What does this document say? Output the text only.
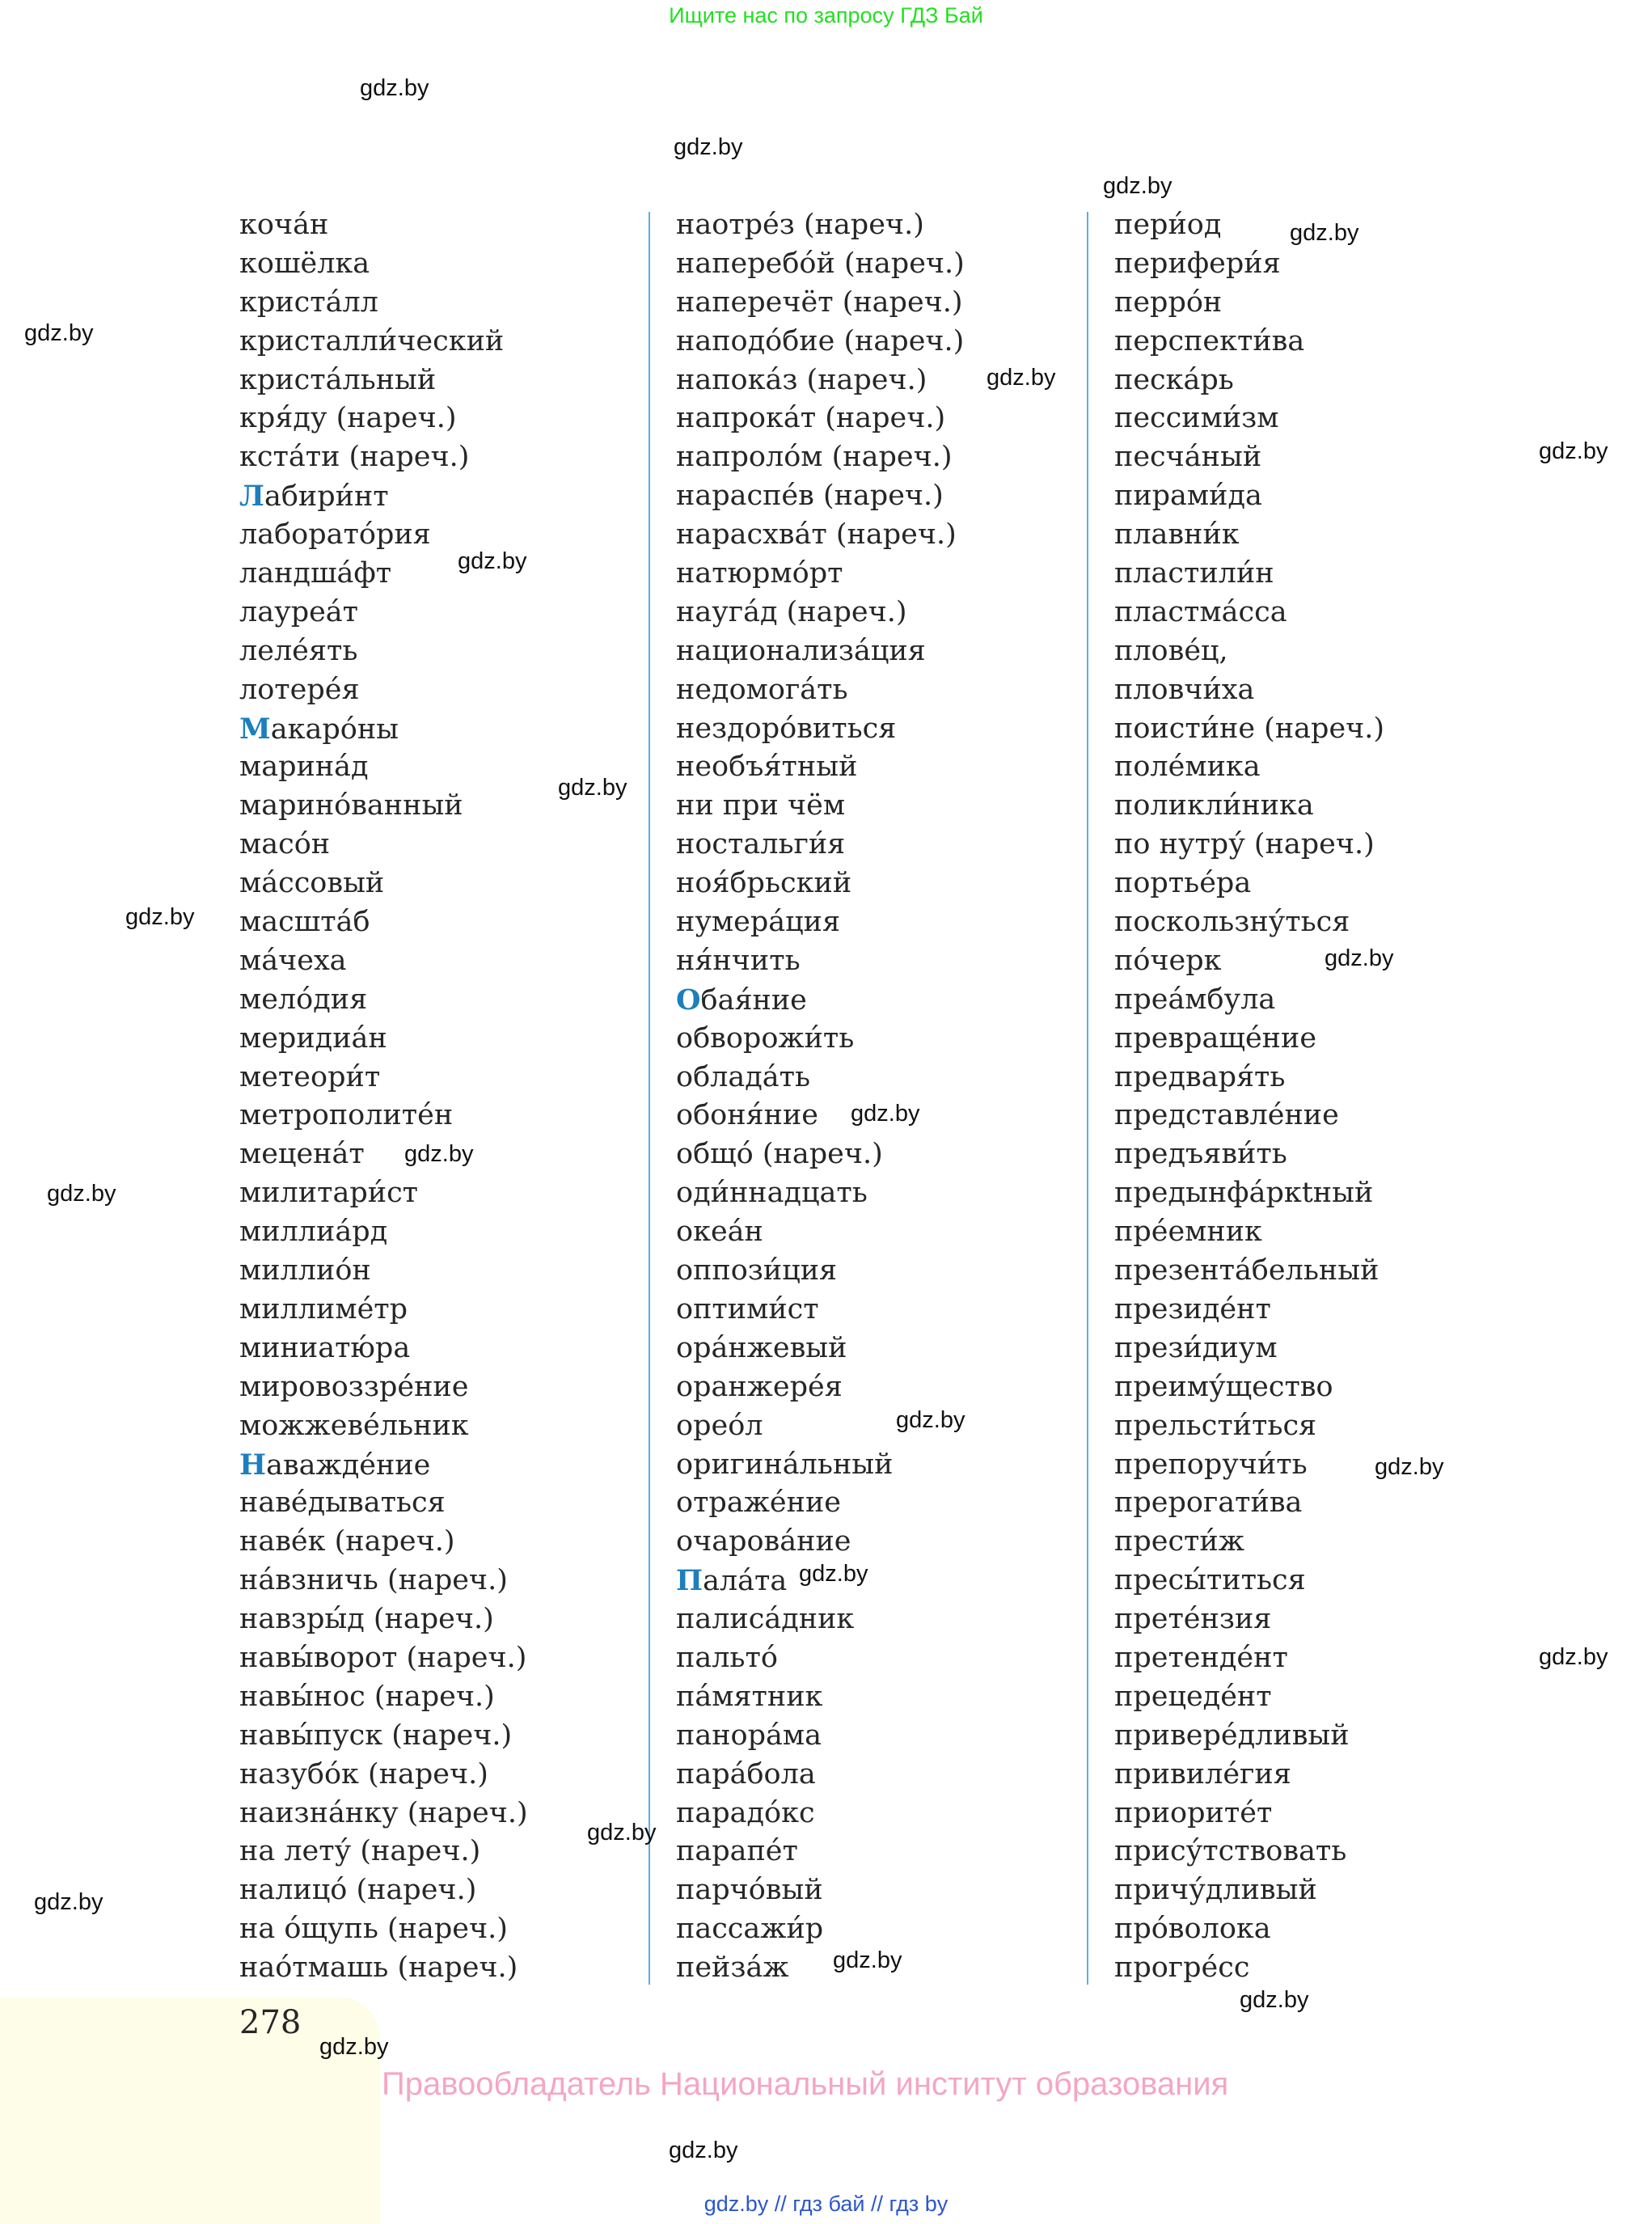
Ищите нас по запросу ГДЗ Бай
коча́н
кошёлка
криста́лл
кристалли́ческий
криста́льный
кря́ду (нареч.)
кста́ти (нареч.)
Лабири́нт
лаборато́рия
ландша́фт
лауреа́т
леле́ять
лотере́я
Макаро́ны
марина́д
марино́ванный
масо́н
ма́ссовый
масшта́б
ма́чеха
мело́дия
меридиа́н
метеори́т
метрополите́н
мецена́т
милитари́ст
миллиа́рд
миллио́н
миллиме́тр
миниатю́ра
мировоззре́ние
можжеве́льник
Наважде́ние
наве́дываться
наве́к (нареч.)
на́взничь (нареч.)
навзры́д (нареч.)
навы́ворот (нареч.)
навы́нос (нареч.)
навы́пуск (нареч.)
назубо́к (нареч.)
наизна́нку (нареч.)
на лету́ (нареч.)
налицо́ (нареч.)
на о́щупь (нареч.)
нао́тмашь (нареч.)
наотре́з (нареч.)
наперебо́й (нареч.)
наперечёт (нареч.)
наподо́бие (нареч.)
напока́з (нареч.)
напрока́т (нареч.)
напроло́м (нареч.)
нараспе́в (нареч.)
нарасхва́т (нареч.)
натюрмо́рт
науга́д (нареч.)
национализа́ция
недомога́ть
нездоро́виться
необъя́тный
ни при чём
ностальги́я
ноя́брьский
нумера́ция
ня́нчить
Обая́ние
обворожи́ть
облада́ть
обоня́ние
общо́ (нареч.)
оди́ннадцать
океа́н
оппози́ция
оптими́ст
ора́нжевый
оранжере́я
орео́л
оригина́льный
отраже́ние
очарова́ние
Пала́та
палиса́дник
пальто́
па́мятник
панора́ма
пара́бола
парадо́кс
парапе́т
парчо́вый
пассажи́р
пейза́ж
пери́од
перифери́я
перро́н
перспекти́ва
песка́рь
пессими́зм
песча́ный
пирами́да
плавни́к
пластили́н
пластма́сса
пловéц,
пловчи́ха
поисти́не (нареч.)
поле́мика
поликли́ника
по нутру́ (нареч.)
портье́ра
поскользну́ться
по́черк
преа́мбула
превраще́ние
предваря́ть
представле́ние
предъяви́ть
предынфа́ркtный
пре́емник
презента́бельный
президе́нт
прези́диум
преиму́щество
прельсти́ться
препоручи́ть
прерогати́ва
прести́ж
пресы́титься
прете́нзия
претенде́нт
прецеде́нт
привере́дливый
привиле́гия
приорите́т
прису́тствовать
причу́дливый
про́волока
прогре́сс
278
Правообладатель Национальный институт образования
gdz.by
gdz.by
gdz.by
gdz.by
gdz.by
gdz.by
gdz.by
gdz.by
gdz.by
gdz.by
gdz.by
gdz.by
gdz.by
gdz.by
gdz.by
gdz.by
gdz.by
gdz.by
gdz.by
gdz.by
gdz.by
gdz.by
gdz.by
gdz.by
gdz.by // гдз бай // гдз by
